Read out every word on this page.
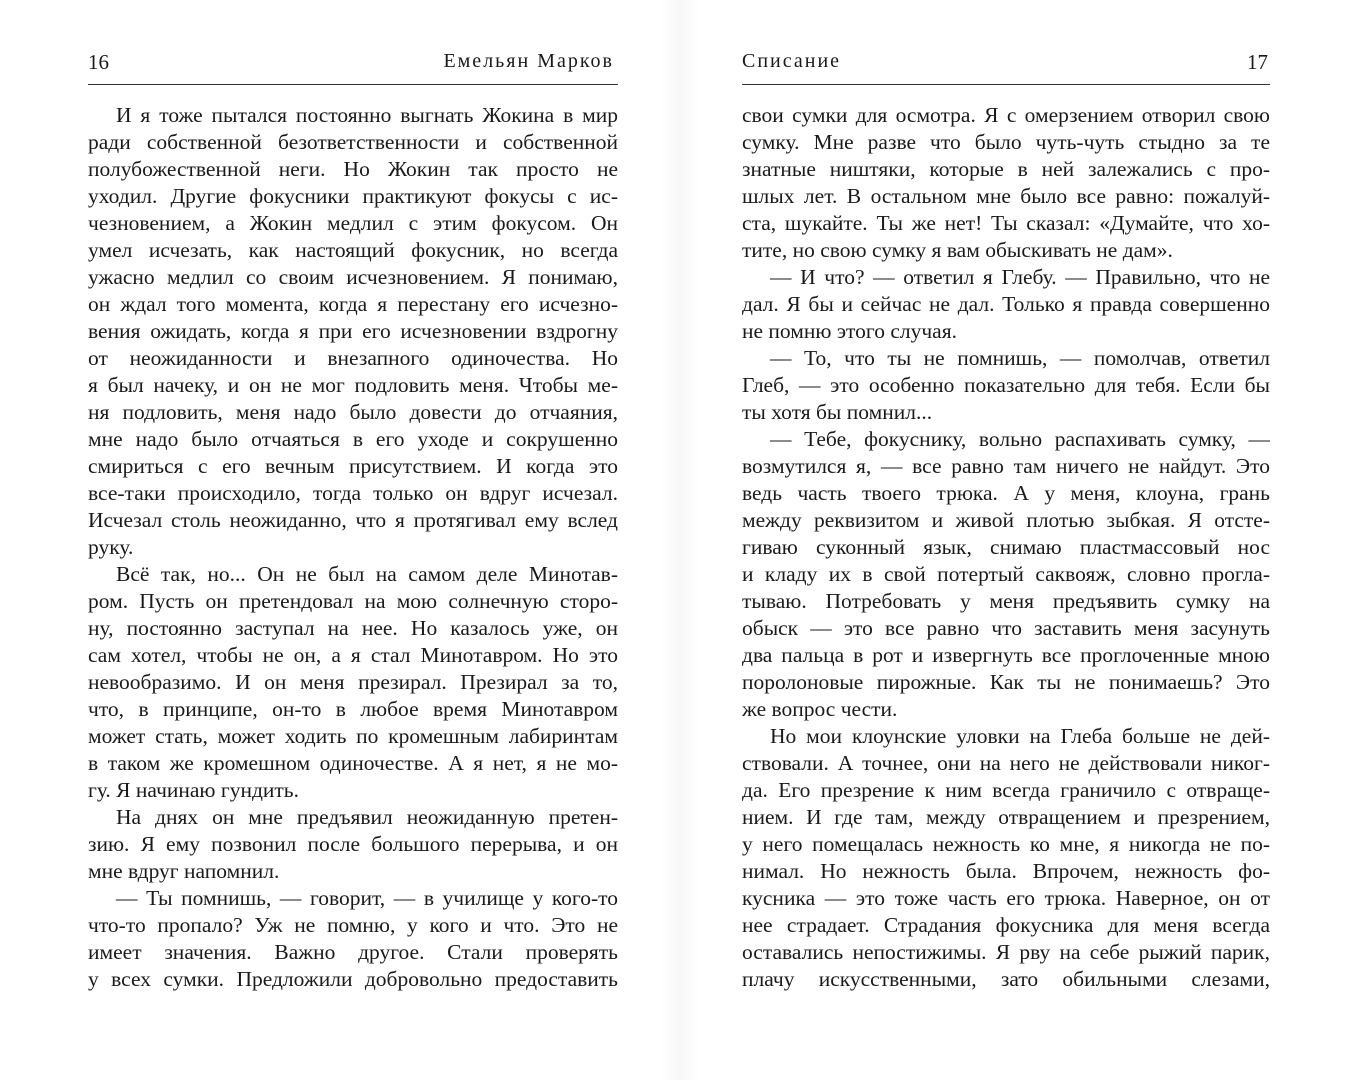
16	Емельян Марков
И я тоже пытался постоянно выгнать Жокина в мир
ради собственной безответственности и собственной
полубожественной неги. Но Жокин так просто не
уходил. Другие фокусники практикуют фокусы с ис-
чезновением, а Жокин медлил с этим фокусом. Он
умел исчезать, как настоящий фокусник, но всегда
ужасно медлил со своим исчезновением. Я понимаю,
он ждал того момента, когда я перестану его исчезно-
вения ожидать, когда я при его исчезновении вздрогну
от неожиданности и внезапного одиночества. Но
я был начеку, и он не мог подловить меня. Чтобы ме-
ня подловить, меня надо было довести до отчаяния,
мне надо было отчаяться в его уходе и сокрушенно
смириться с его вечным присутствием. И когда это
все-таки происходило, тогда только он вдруг исчезал.
Исчезал столь неожиданно, что я протягивал ему вслед
руку.
Всё так, но... Он не был на самом деле Минотав-
ром. Пусть он претендовал на мою солнечную сторо-
ну, постоянно заступал на нее. Но казалось уже, он
сам хотел, чтобы не он, а я стал Минотавром. Но это
невообразимо. И он меня презирал. Презирал за то,
что, в принципе, он-то в любое время Минотавром
может стать, может ходить по кромешным лабиринтам
в таком же кромешном одиночестве. А я нет, я не мо-
гу. Я начинаю гундить.
На днях он мне предъявил неожиданную претен-
зию. Я ему позвонил после большого перерыва, и он
мне вдруг напомнил.
— Ты помнишь, — говорит, — в училище у кого-то
что-то пропало? Уж не помню, у кого и что. Это не
имеет значения. Важно другое. Стали проверять
у всех сумки. Предложили добровольно предоставить
Списание	17
свои сумки для осмотра. Я с омерзением отворил свою
сумку. Мне разве что было чуть-чуть стыдно за те
знатные ништяки, которые в ней залежались с про-
шлых лет. В остальном мне было все равно: пожалуй-
ста, шукайте. Ты же нет! Ты сказал: «Думайте, что хо-
тите, но свою сумку я вам обыскивать не дам».
— И что? — ответил я Глебу. — Правильно, что не
дал. Я бы и сейчас не дал. Только я правда совершенно
не помню этого случая.
— То, что ты не помнишь, — помолчав, ответил
Глеб, — это особенно показательно для тебя. Если бы
ты хотя бы помнил...
— Тебе, фокуснику, вольно распахивать сумку, —
возмутился я, — все равно там ничего не найдут. Это
ведь часть твоего трюка. А у меня, клоуна, грань
между реквизитом и живой плотью зыбкая. Я отсте-
гиваю суконный язык, снимаю пластмассовый нос
и кладу их в свой потертый саквояж, словно прогла-
тываю. Потребовать у меня предъявить сумку на
обыск — это все равно что заставить меня засунуть
два пальца в рот и извергнуть все проглоченные мною
поролоновые пирожные. Как ты не понимаешь? Это
же вопрос чести.
Но мои клоунские уловки на Глеба больше не дей-
ствовали. А точнее, они на него не действовали никог-
да. Его презрение к ним всегда граничило с отвраще-
нием. И где там, между отвращением и презрением,
у него помещалась нежность ко мне, я никогда не по-
нимал. Но нежность была. Впрочем, нежность фо-
кусника — это тоже часть его трюка. Наверное, он от
нее страдает. Страдания фокусника для меня всегда
оставались непостижимы. Я рву на себе рыжий парик,
плачу искусственными, зато обильными слезами,
